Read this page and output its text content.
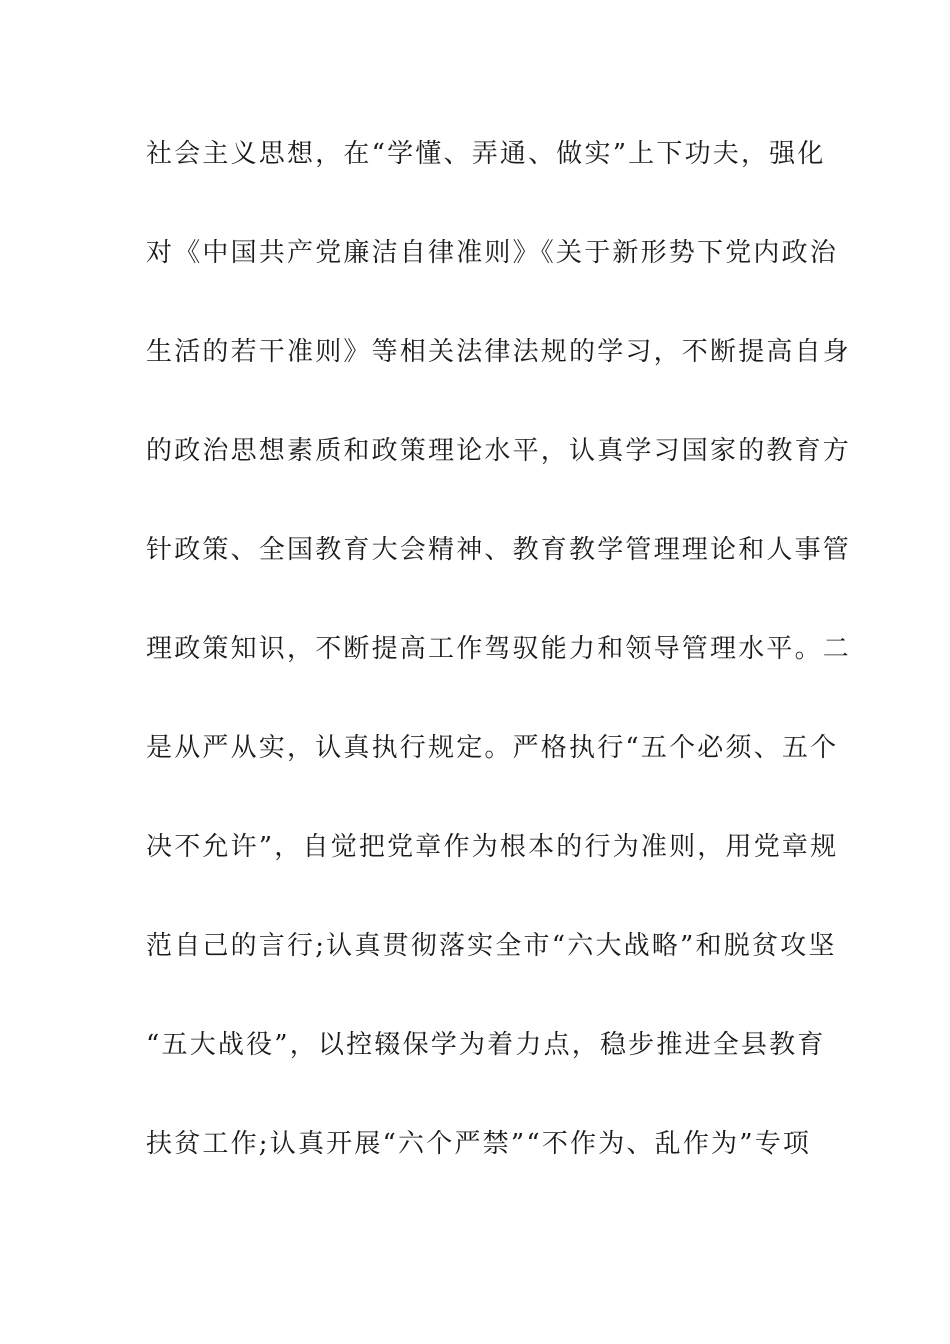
社会主义思想，在“学懂、弄通、做实”上下功夫，强化
对《中国共产党廉洁自律准则》《关于新形势下党内政治
生活的若干准则》等相关法律法规的学习，不断提高自身
的政治思想素质和政策理论水平，认真学习国家的教育方
针政策、全国教育大会精神、教育教学管理理论和人事管
理政策知识，不断提高工作驾驭能力和领导管理水平。二
是从严从实，认真执行规定。严格执行“五个必须、五个
决不允许”，自觉把党章作为根本的行为准则，用党章规
范自己的言行;认真贯彻落实全市“六大战略”和脱贫攻坚
“五大战役”，以控辍保学为着力点，稳步推进全县教育
扶贫工作;认真开展“六个严禁”“不作为、乱作为”专项
